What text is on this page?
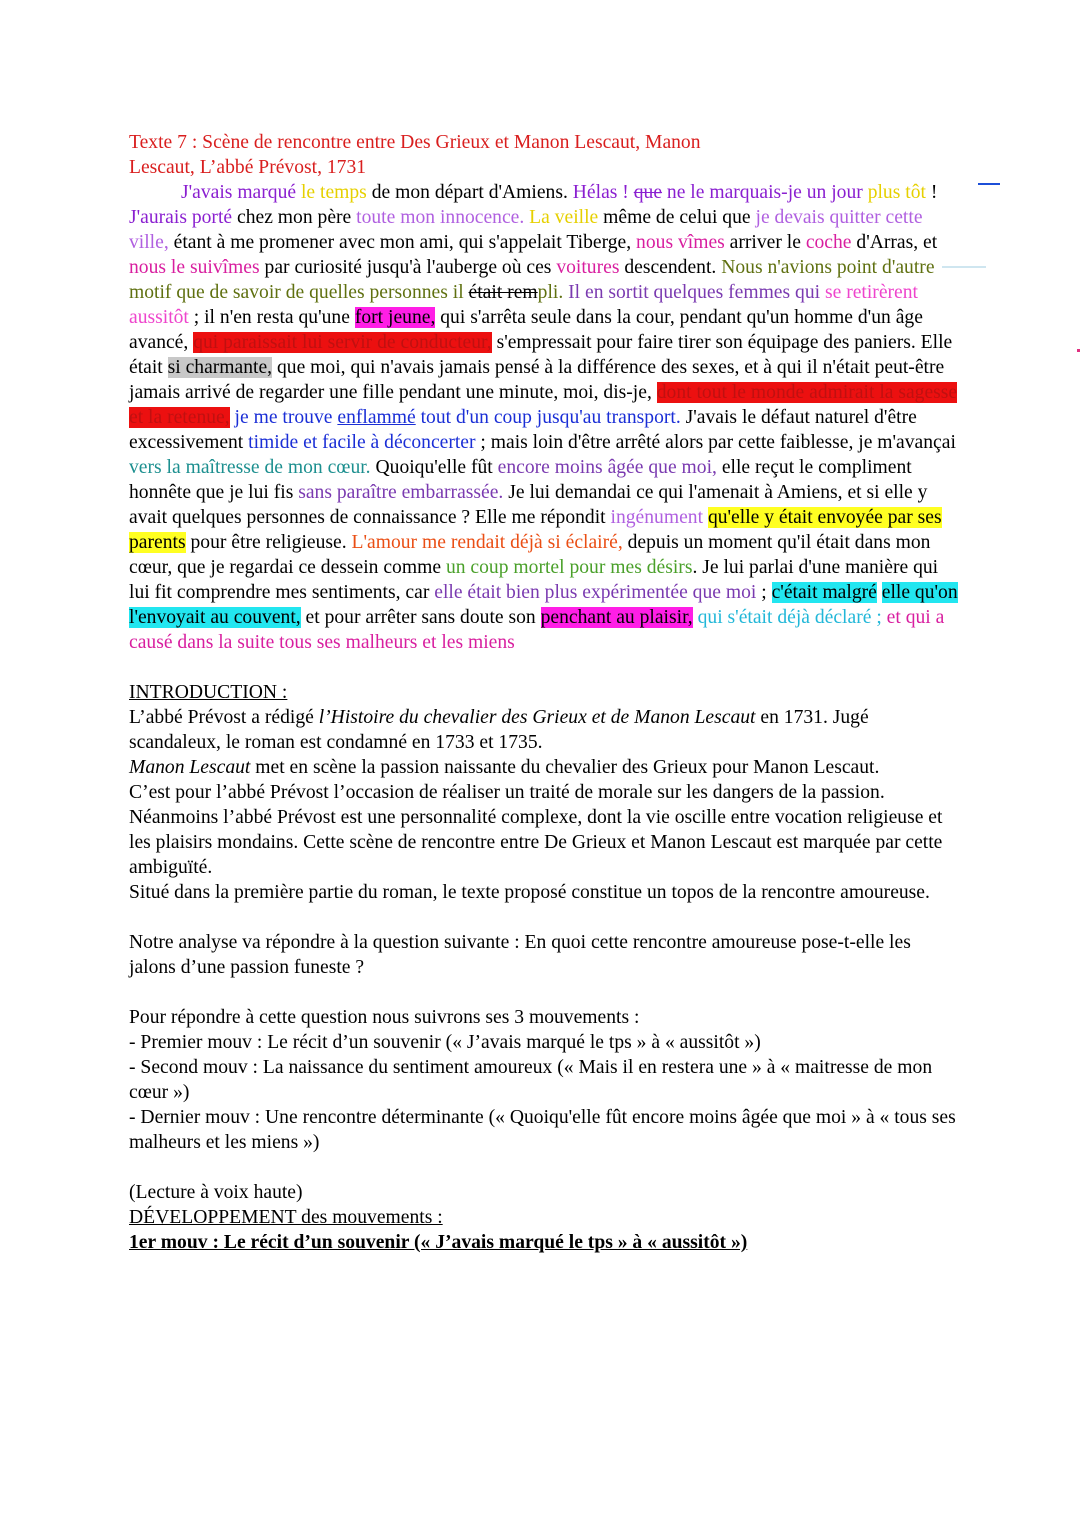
Texte 7 : Scène de rencontre entre Des Grieux et Manon Lescaut, Manon
Lescaut, L’abbé Prévost, 1731

J'avais marqué le temps de mon départ d'Amiens. Hélas ! que ne le marquais-je un jour plus tôt ! J'aurais porté chez mon père toute mon innocence. La veille même de celui que je devais quitter cette ville, étant à me promener avec mon ami, qui s'appelait Tiberge, nous vîmes arriver le coche d'Arras, et nous le suivîmes par curiosité jusqu'à l'auberge où ces voitures descendent. Nous n'avions point d'autre motif que de savoir de quelles personnes il était rempli. Il en sortit quelques femmes qui se retirèrent aussitôt ; il n'en resta qu'une fort jeune, qui s'arrêta seule dans la cour, pendant qu'un homme d'un âge avancé, qui paraissait lui servir de conducteur, s'empressait pour faire tirer son équipage des paniers. Elle était si charmante, que moi, qui n'avais jamais pensé à la différence des sexes, et à qui il n'était peut-être jamais arrivé de regarder une fille pendant une minute, moi, dis-je, dont tout le monde admirait la sagesse et la retenue, je me trouve enflammé tout d'un coup jusqu'au transport. J'avais le défaut naturel d'être excessivement timide et facile à déconcerter ; mais loin d'être arrêté alors par cette faiblesse, je m'avançai vers la maîtresse de mon cœur. Quoiqu'elle fût encore moins âgée que moi, elle reçut le compliment honnête que je lui fis sans paraître embarrassée. Je lui demandai ce qui l'amenait à Amiens, et si elle y avait quelques personnes de connaissance ? Elle me répondit ingénument qu'elle y était envoyée par ses parents pour être religieuse. L'amour me rendait déjà si éclairé, depuis un moment qu'il était dans mon cœur, que je regardai ce dessein comme un coup mortel pour mes désirs. Je lui parlai d'une manière qui lui fit comprendre mes sentiments, car elle était bien plus expérimentée que moi ; c'était malgré elle qu'on l'envoyait au couvent, et pour arrêter sans doute son penchant au plaisir, qui s'était déjà déclaré ; et qui a causé dans la suite tous ses malheurs et les miens

INTRODUCTION :

L’abbé Prévost a rédigé l’Histoire du chevalier des Grieux et de Manon Lescaut en 1731. Jugé scandaleux, le roman est condamné en 1733 et 1735.

Manon Lescaut met en scène la passion naissante du chevalier des Grieux pour Manon Lescaut.

C’est pour l’abbé Prévost l’occasion de réaliser un traité de morale sur les dangers de la passion.

Néanmoins l’abbé Prévost est une personnalité complexe, dont la vie oscille entre vocation religieuse et les plaisirs mondains. Cette scène de rencontre entre De Grieux et Manon Lescaut est marquée par cette ambiguïté.

Situé dans la première partie du roman, le texte proposé constitue un topos de la rencontre amoureuse.

Notre analyse va répondre à la question suivante : En quoi cette rencontre amoureuse pose-t-elle les jalons d’une passion funeste ?

Pour répondre à cette question nous suivrons ses 3 mouvements :

- Premier mouv : Le récit d’un souvenir (« J’avais marqué le tps » à « aussitôt »)

- Second mouv : La naissance du sentiment amoureux (« Mais il en restera une » à « maitresse de mon cœur »)

- Dernier mouv : Une rencontre déterminante (« Quoiqu'elle fût encore moins âgée que moi » à « tous ses malheurs et les miens »)

(Lecture à voix haute)

DÉVELOPPEMENT des mouvements :

1er mouv : Le récit d’un souvenir (« J’avais marqué le tps » à « aussitôt »)
